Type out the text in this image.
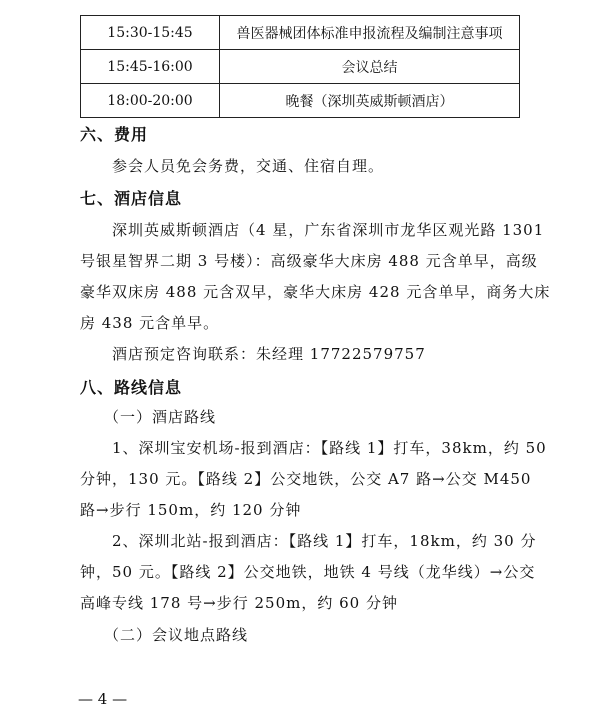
15:30-15:45	兽医器械团体标准申报流程及编制注意事项
15:45-16:00	会议总结
18:00-20:00	晚餐（深圳英威斯顿酒店）
六、费用
参会人员免会务费，交通、住宿自理。
七、酒店信息
深圳英威斯顿酒店（4 星，广东省深圳市龙华区观光路 1301
号银星智界二期 3 号楼）：高级豪华大床房 488 元含单早，高级
豪华双床房 488 元含双早，豪华大床房 428 元含单早，商务大床
房 438 元含单早。
酒店预定咨询联系：朱经理 17722579757
八、路线信息
（一）酒店路线
1、深圳宝安机场-报到酒店：【路线 1】打车，38km，约 50
分钟，130 元。【路线 2】公交地铁，公交 A7 路→公交 M450
路→步行 150m，约 120 分钟
2、深圳北站-报到酒店：【路线 1】打车，18km，约 30 分
钟，50 元。【路线 2】公交地铁，地铁 4 号线（龙华线）→公交
高峰专线 178 号→步行 250m，约 60 分钟
（二）会议地点路线
— 4 —
